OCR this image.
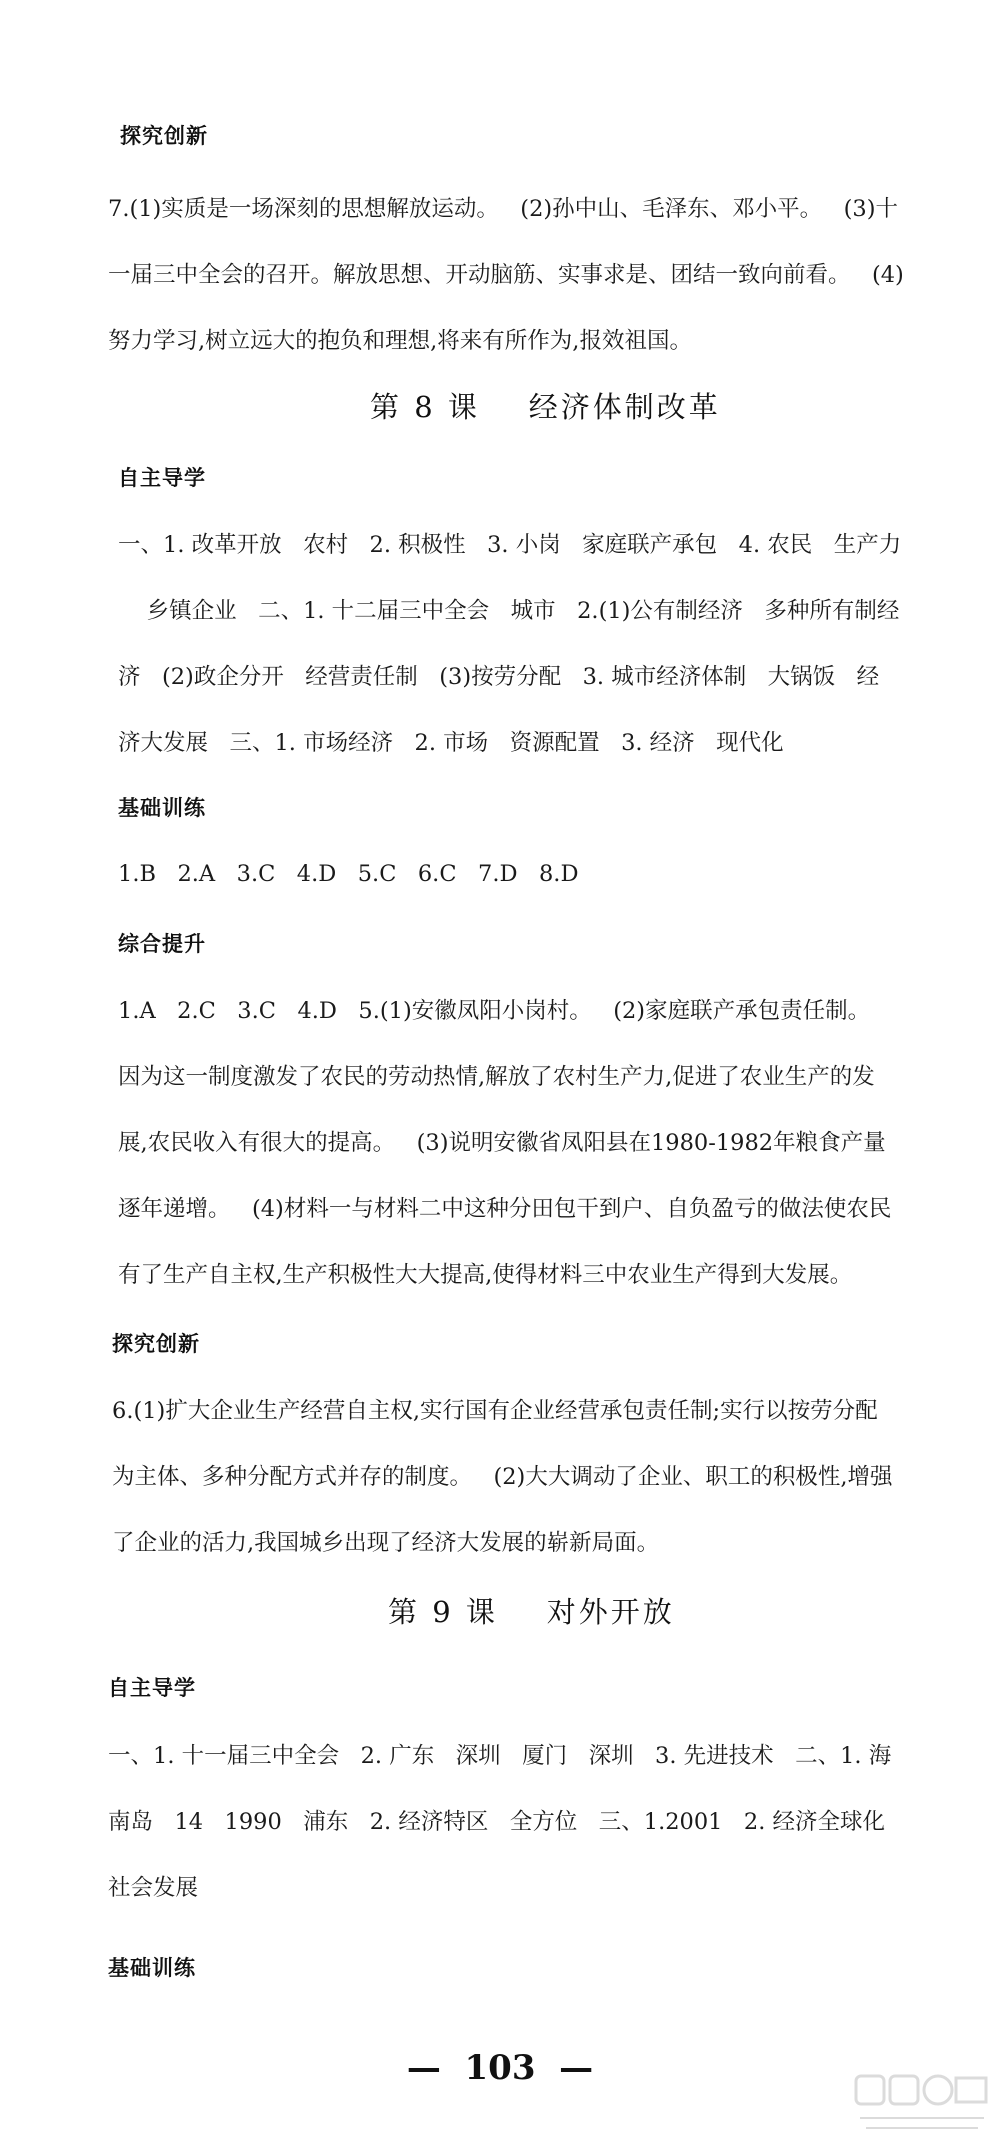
探究创新

7.(1)实质是一场深刻的思想解放运动。   (2)孙中山、毛泽东、邓小平。   (3)十

一届三中全会的召开。解放思想、开动脑筋、实事求是、团结一致向前看。   (4)

努力学习,树立远大的抱负和理想,将来有所作为,报效祖国。

第 8 课    经济体制改革
自主导学

一、1. 改革开放   农村   2. 积极性   3. 小岗   家庭联产承包   4. 农民   生产力

乡镇企业   二、1. 十二届三中全会   城市   2.(1)公有制经济   多种所有制经

济   (2)政企分开   经营责任制   (3)按劳分配   3. 城市经济体制   大锅饭   经

济大发展   三、1. 市场经济   2. 市场   资源配置   3. 经济   现代化

基础训练

1.B   2.A   3.C   4.D   5.C   6.C   7.D   8.D

综合提升

1.A   2.C   3.C   4.D   5.(1)安徽凤阳小岗村。   (2)家庭联产承包责任制。

因为这一制度激发了农民的劳动热情,解放了农村生产力,促进了农业生产的发

展,农民收入有很大的提高。   (3)说明安徽省凤阳县在1980-1982年粮食产量

逐年递增。   (4)材料一与材料二中这种分田包干到户、自负盈亏的做法使农民

有了生产自主权,生产积极性大大提高,使得材料三中农业生产得到大发展。

探究创新

6.(1)扩大企业生产经营自主权,实行国有企业经营承包责任制;实行以按劳分配

为主体、多种分配方式并存的制度。   (2)大大调动了企业、职工的积极性,增强

了企业的活力,我国城乡出现了经济大发展的崭新局面。

第 9 课    对外开放
自主导学

一、1. 十一届三中全会   2. 广东   深圳   厦门   深圳   3. 先进技术   二、1. 海

南岛   14   1990   浦东   2. 经济特区   全方位   三、1.2001   2. 经济全球化

社会发展

基础训练
—  103  —
